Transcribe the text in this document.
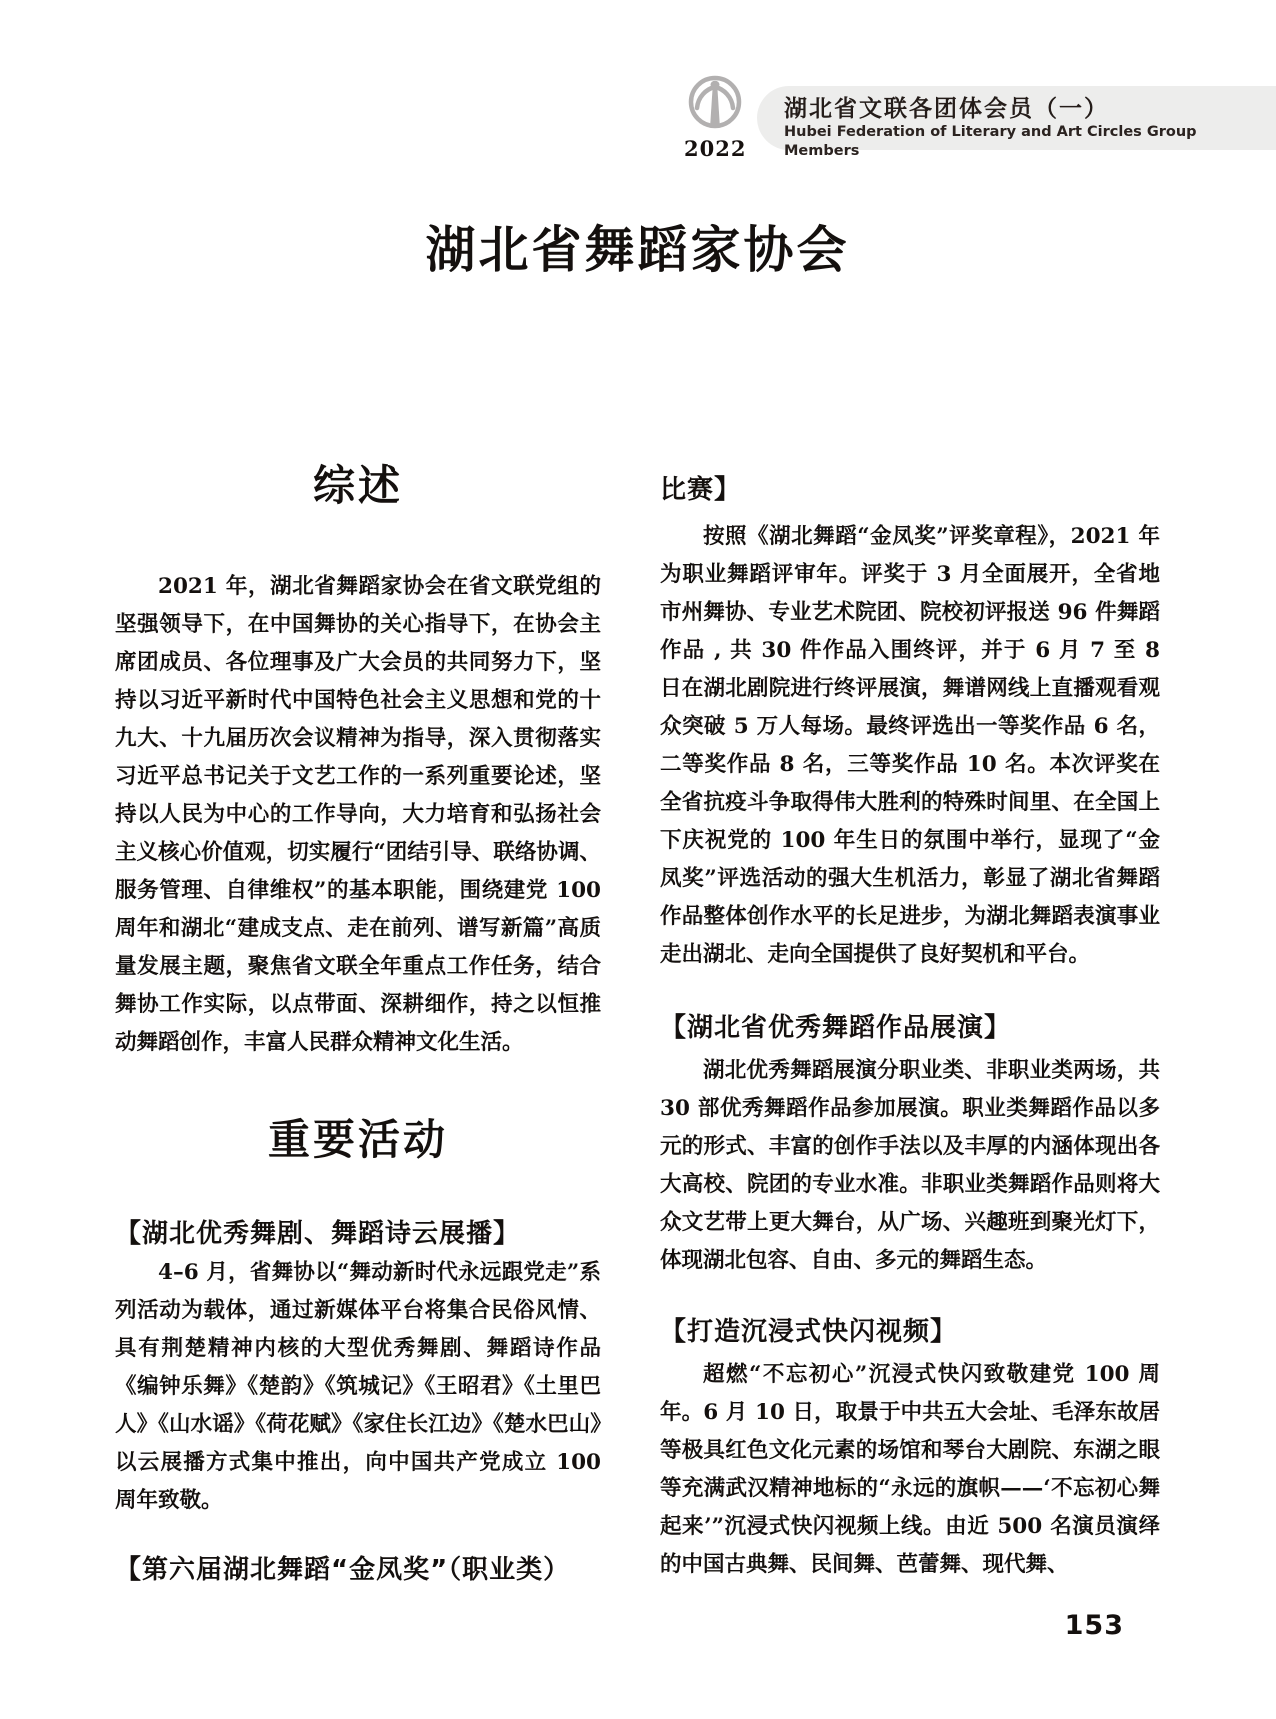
2022
湖北省文联各团体会员（一）
Hubei Federation of Literary and Art Circles Group Members
湖北省舞蹈家协会
综述

2021 年，湖北省舞蹈家协会在省文联党组的坚强领导下，在中国舞协的关心指导下，在协会主席团成员、各位理事及广大会员的共同努力下，坚持以习近平新时代中国特色社会主义思想和党的十九大、十九届历次会议精神为指导，深入贯彻落实习近平总书记关于文艺工作的一系列重要论述，坚持以人民为中心的工作导向，大力培育和弘扬社会主义核心价值观，切实履行“团结引导、联络协调、服务管理、自律维权”的基本职能，围绕建党 100 周年和湖北“建成支点、走在前列、谱写新篇”高质量发展主题，聚焦省文联全年重点工作任务，结合舞协工作实际，以点带面、深耕细作，持之以恒推动舞蹈创作，丰富人民群众精神文化生活。

重要活动
【湖北优秀舞剧、舞蹈诗云展播】

4–6 月，省舞协以“舞动新时代永远跟党走”系列活动为载体，通过新媒体平台将集合民俗风情、具有荆楚精神内核的大型优秀舞剧、舞蹈诗作品《编钟乐舞》《楚韵》《筑城记》《王昭君》《土里巴人》《山水谣》《荷花赋》《家住长江边》《楚水巴山》以云展播方式集中推出，向中国共产党成立 100 周年致敬。

【第六届湖北舞蹈“金凤奖”（职业类）
比赛】

按照《湖北舞蹈“金凤奖”评奖章程》，2021 年为职业舞蹈评审年。评奖于 3 月全面展开，全省地市州舞协、专业艺术院团、院校初评报送 96 件舞蹈作品 , 共 30 件作品入围终评，并于 6 月 7 至 8 日在湖北剧院进行终评展演，舞谱网线上直播观看观众突破 5 万人每场。最终评选出一等奖作品 6 名，二等奖作品 8 名，三等奖作品 10 名。本次评奖在全省抗疫斗争取得伟大胜利的特殊时间里、在全国上下庆祝党的 100 年生日的氛围中举行，显现了“金凤奖”评选活动的强大生机活力，彰显了湖北省舞蹈作品整体创作水平的长足进步，为湖北舞蹈表演事业走出湖北、走向全国提供了良好契机和平台。

【湖北省优秀舞蹈作品展演】

湖北优秀舞蹈展演分职业类、非职业类两场，共 30 部优秀舞蹈作品参加展演。职业类舞蹈作品以多元的形式、丰富的创作手法以及丰厚的内涵体现出各大高校、院团的专业水准。非职业类舞蹈作品则将大众文艺带上更大舞台，从广场、兴趣班到聚光灯下，体现湖北包容、自由、多元的舞蹈生态。

【打造沉浸式快闪视频】

超燃“不忘初心”沉浸式快闪致敬建党 100 周年。6 月 10 日，取景于中共五大会址、毛泽东故居等极具红色文化元素的场馆和琴台大剧院、东湖之眼等充满武汉精神地标的“永远的旗帜——‘不忘初心舞起来’”沉浸式快闪视频上线。由近 500 名演员演绎的中国古典舞、民间舞、芭蕾舞、现代舞、

153
